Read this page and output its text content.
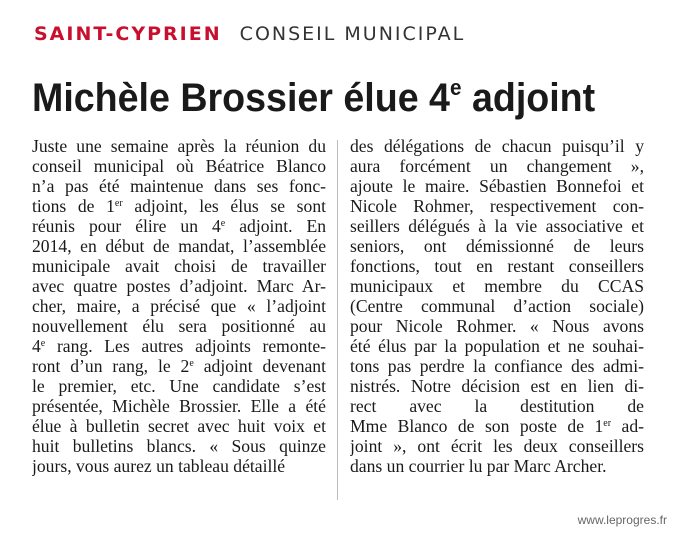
SAINT-CYPRIEN CONSEIL MUNICIPAL
Michèle Brossier élue 4e adjoint
Juste une semaine après la réunion du
conseil municipal où Béatrice Blanco
n’a pas été maintenue dans ses fonc-
tions de 1er adjoint, les élus se sont
réunis pour élire un 4e adjoint. En
2014, en début de mandat, l’assemblée
municipale avait choisi de travailler
avec quatre postes d’adjoint. Marc Ar-
cher, maire, a précisé que « l’adjoint
nouvellement élu sera positionné au
4e rang. Les autres adjoints remonte-
ront d’un rang, le 2e adjoint devenant
le premier, etc. Une candidate s’est
présentée, Michèle Brossier. Elle a été
élue à bulletin secret avec huit voix et
huit bulletins blancs. « Sous quinze
jours, vous aurez un tableau détaillé
des délégations de chacun puisqu’il y
aura forcément un changement »,
ajoute le maire. Sébastien Bonnefoi et
Nicole Rohmer, respectivement con-
seillers délégués à la vie associative et
seniors, ont démissionné de leurs
fonctions, tout en restant conseillers
municipaux et membre du CCAS
(Centre communal d’action sociale)
pour Nicole Rohmer. « Nous avons
été élus par la population et ne souhai-
tons pas perdre la confiance des admi-
nistrés. Notre décision est en lien di-
rect avec la destitution de
Mme Blanco de son poste de 1er ad-
joint », ont écrit les deux conseillers
dans un courrier lu par Marc Archer.
www.leprogres.fr
